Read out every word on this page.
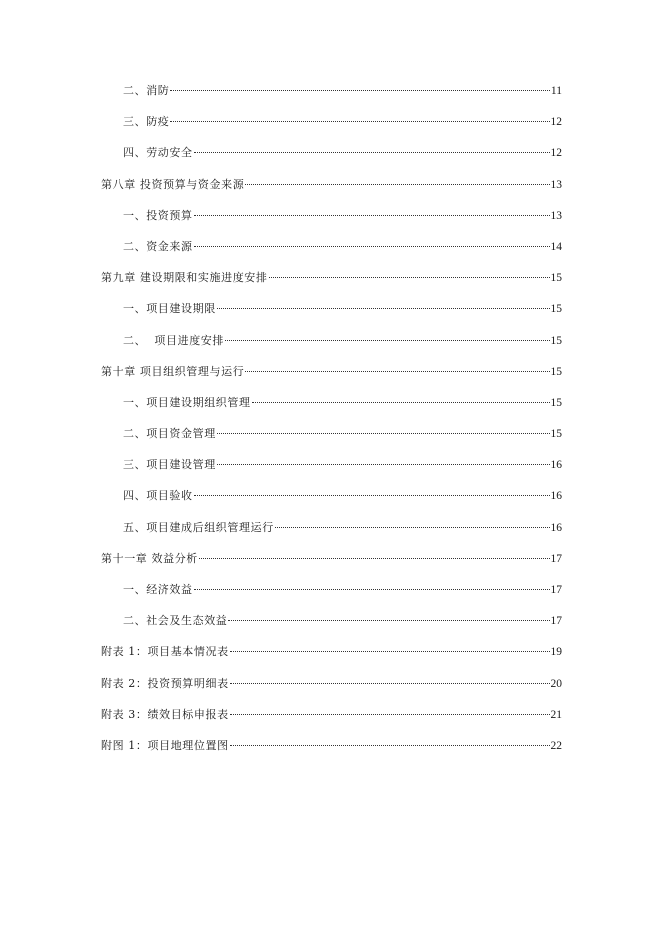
二、消防	11
三、防疫	12
四、劳动安全	12
第八章 投资预算与资金来源	13
一、投资预算	13
二、资金来源	14
第九章 建设期限和实施进度安排	15
一、项目建设期限	15
二、  项目进度安排	15
第十章 项目组织管理与运行	15
一、项目建设期组织管理	15
二、项目资金管理	15
三、项目建设管理	16
四、项目验收	16
五、项目建成后组织管理运行	16
第十一章 效益分析	17
一、经济效益	17
二、社会及生态效益	17
附表 1：项目基本情况表	19
附表 2：投资预算明细表	20
附表 3：绩效目标申报表	21
附图 1：项目地理位置图	22
